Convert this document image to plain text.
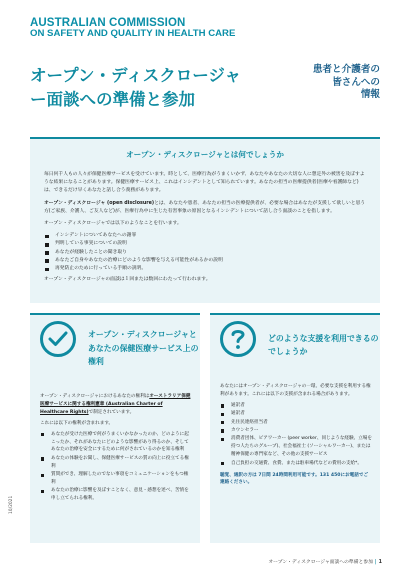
AUSTRALIAN COMMISSION
ON SAFETY AND QUALITY IN HEALTH CARE
オープン・ディスクロージャ
ー面談への準備と参加
患者と介護者の
皆さんへの
情報
オープン・ディスクロージャとは何でしょうか

毎日何千人もの人々が保健医療サービスを受けています。時として、医療行為がうまくいかず、あなたやあなたの大切な人に想定外の被害を及ぼすような結果になることがあります。保健医療サービス上、これはインシデントとして知られています。あなたの担当の医療提供者(医療や看護師など)は、できるだけ早くあなたと話し合う義務があります。

オープン・ディスクロージャ (open disclosure)とは、あなたや患者、あなたの担当の医療提供者が、必要な場合はあなたが支援して欲しいと思う方(ご家族、介護人、ご友人など)が、医療行為中に生じた有害事象の原因となるインシデントについて話し合う面談のことを指します。

オープン・ディスクロージャでは以下のようなことを行います。

インシデントについてあなたへの謝罪
判明している事実についての説明
あなたが経験したことの聞き取り
あなたご自身やあなたの治療にどのような影響を与える可能性があるかの説明
再発防止のために行っている手順の説明。

オープン・ディスクロージャの面談は１回または数回にわたって行われます。

オープン・ディスクロージャと
あなたの保健医療サービス上の
権利

オープン・ディスクロージャにおけるあなたの権利はオーストラリア保健医療サービスに関する権利憲章 (Australian Charter of Healthcare Rights)で制定されています。

これには以下の権利が含まれます。

あなたが受けた医療で何がうまくいかなかったのか、どのように起こったか、それがあなたにどのような影響があり得るのか、そしてあなたの治療を安全にするために何がされているのかを知る権利
あなたの体験をお聞し、保健医療サービスの質の向上に役立てる権利
質問ができ、理解したのでない事項をコミュニケーションをもつ権利
あなたの治療に影響を及ぼすことなく、意見・感想を述べ、苦情を申し立てられる権利。
どのような支援を利用できるの
でしょうか

あなたにはオープン・ディスクロージャの一環、必要な支援を利用する権利があります。これには以下の支援が含まれる場合があります。

通訳者
通訳者
先住民連絡担当者
カウンセラー
消費者団体、ピアワーカー (peer worker、同じような経験、立場を持つ人たちのグループ)、社会福祉士 (ソーシャルワーカー)、または精神保健の専門家など、その他の支援サービス
自己負担の交通費、食費、または駐車場代などの費用の支給*。

聴覚、通訳の方は 7日間 24時間利用可能です。131 450にお電話でご連絡ください。

10/2021
オープン・ディスクロージャ面談への準備と参加 | 1
